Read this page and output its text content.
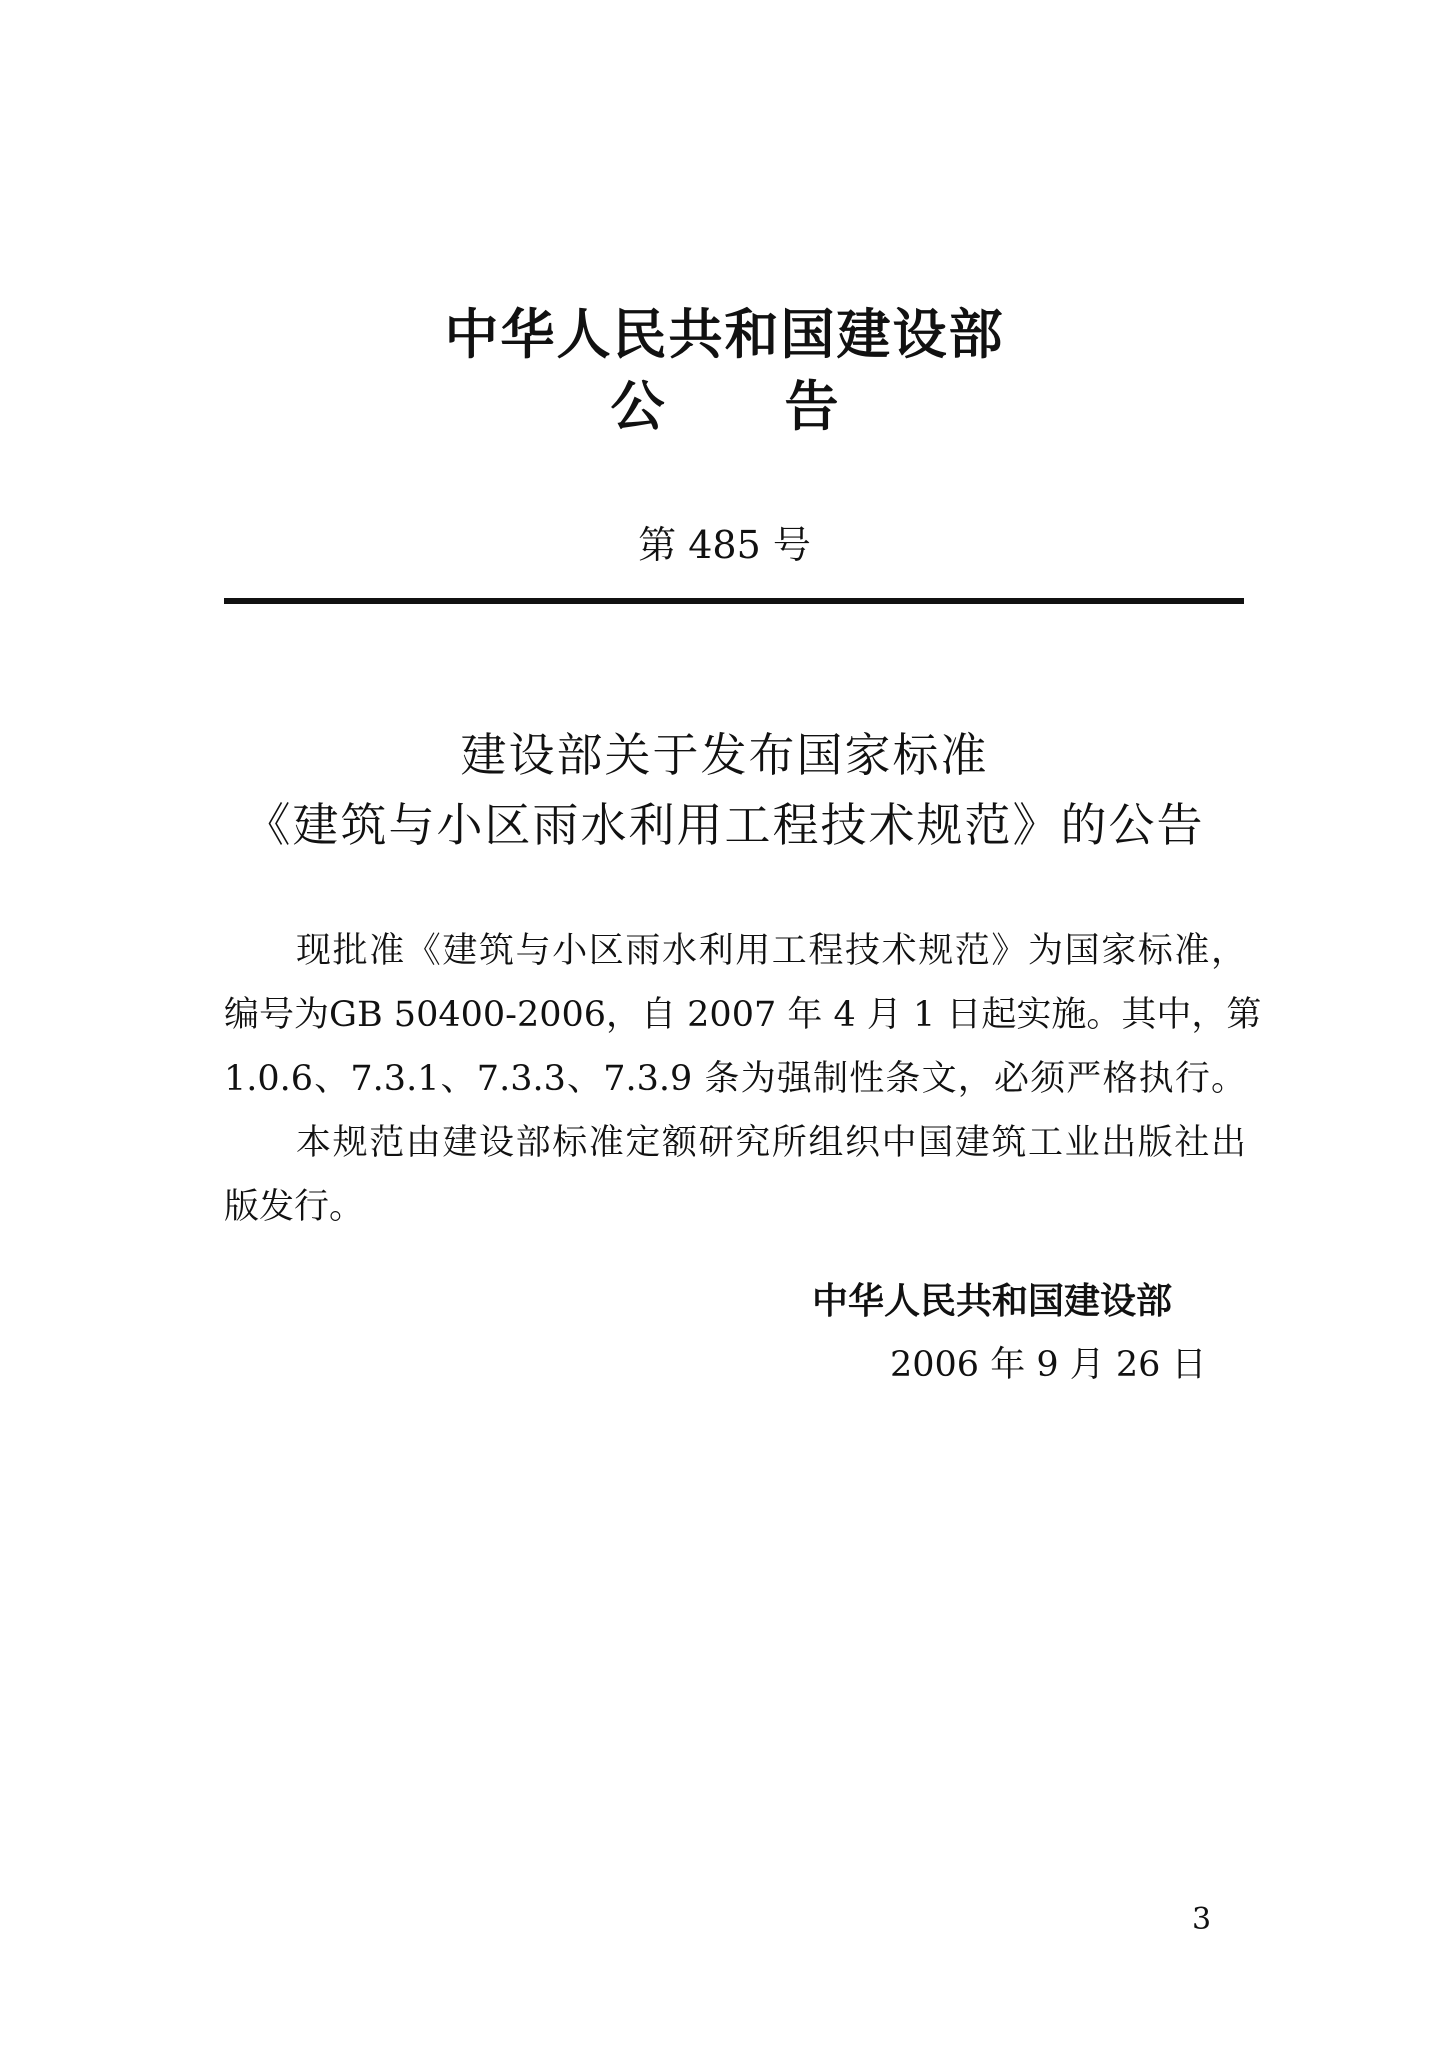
中华人民共和国建设部
公告
第 485 号
建设部关于发布国家标准
《建筑与小区雨水利用工程技术规范》的公告
现批准《建筑与小区雨水利用工程技术规范》为国家标准，
编号为GB 50400-2006，自 2007 年 4 月 1 日起实施。其中，第
1.0.6、7.3.1、7.3.3、7.3.9 条为强制性条文，必须严格执行。
本规范由建设部标准定额研究所组织中国建筑工业出版社出
版发行。
中华人民共和国建设部
2006 年 9 月 26 日
3
